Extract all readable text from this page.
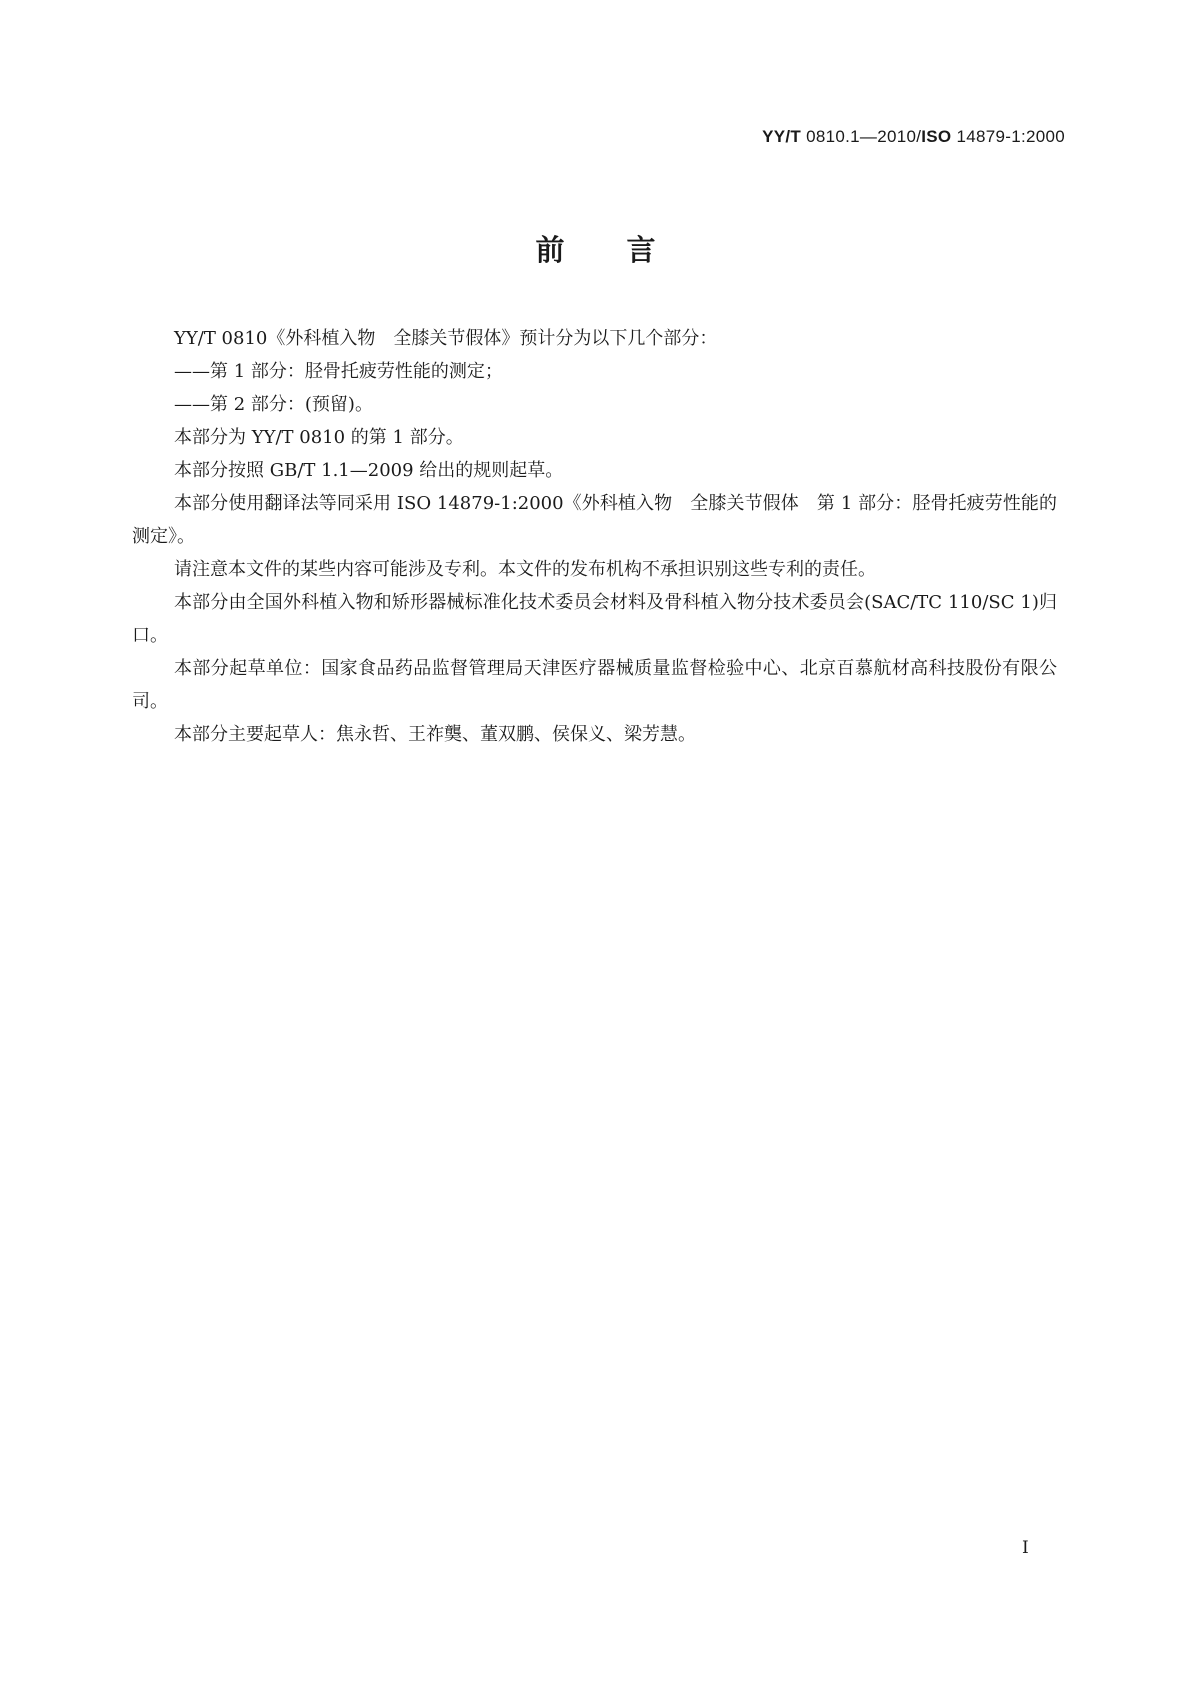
YY/T 0810.1—2010/ISO 14879-1:2000
前言

YY/T 0810《外科植入物　全膝关节假体》预计分为以下几个部分：

——第 1 部分：胫骨托疲劳性能的测定；

——第 2 部分：(预留)。

本部分为 YY/T 0810 的第 1 部分。

本部分按照 GB/T 1.1—2009 给出的规则起草。

本部分使用翻译法等同采用 ISO 14879-1:2000《外科植入物　全膝关节假体　第 1 部分：胫骨托疲劳性能的测定》。

请注意本文件的某些内容可能涉及专利。本文件的发布机构不承担识别这些专利的责任。

本部分由全国外科植入物和矫形器械标准化技术委员会材料及骨科植入物分技术委员会(SAC/TC 110/SC 1)归口。

本部分起草单位：国家食品药品监督管理局天津医疗器械质量监督检验中心、北京百慕航材高科技股份有限公司。

本部分主要起草人：焦永哲、王祚龑、董双鹏、侯保义、梁芳慧。

I
